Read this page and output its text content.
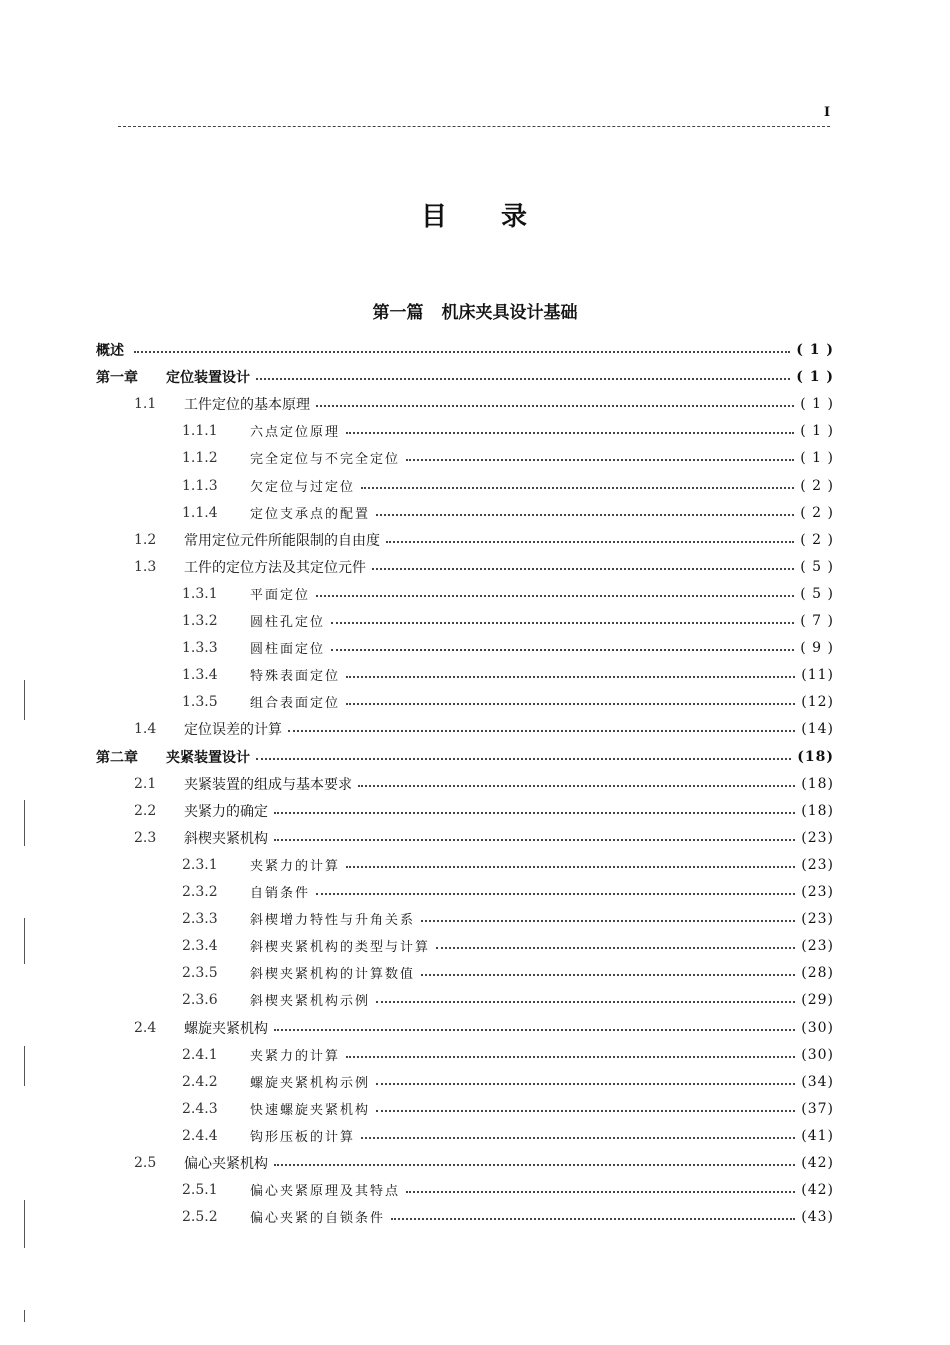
I
目 录
第一篇 机床夹具设计基础
概述	( 1 )
第一章	定位装置设计	( 1 )
1.1	工件定位的基本原理	( 1 )
1.1.1	六点定位原理	( 1 )
1.1.2	完全定位与不完全定位	( 1 )
1.1.3	欠定位与过定位	( 2 )
1.1.4	定位支承点的配置	( 2 )
1.2	常用定位元件所能限制的自由度	( 2 )
1.3	工件的定位方法及其定位元件	( 5 )
1.3.1	平面定位	( 5 )
1.3.2	圆柱孔定位	( 7 )
1.3.3	圆柱面定位	( 9 )
1.3.4	特殊表面定位	(11)
1.3.5	组合表面定位	(12)
1.4	定位误差的计算	(14)
第二章	夹紧装置设计	(18)
2.1	夹紧装置的组成与基本要求	(18)
2.2	夹紧力的确定	(18)
2.3	斜楔夹紧机构	(23)
2.3.1	夹紧力的计算	(23)
2.3.2	自销条件	(23)
2.3.3	斜楔增力特性与升角关系	(23)
2.3.4	斜楔夹紧机构的类型与计算	(23)
2.3.5	斜楔夹紧机构的计算数值	(28)
2.3.6	斜楔夹紧机构示例	(29)
2.4	螺旋夹紧机构	(30)
2.4.1	夹紧力的计算	(30)
2.4.2	螺旋夹紧机构示例	(34)
2.4.3	快速螺旋夹紧机构	(37)
2.4.4	钩形压板的计算	(41)
2.5	偏心夹紧机构	(42)
2.5.1	偏心夹紧原理及其特点	(42)
2.5.2	偏心夹紧的自锁条件	(43)
